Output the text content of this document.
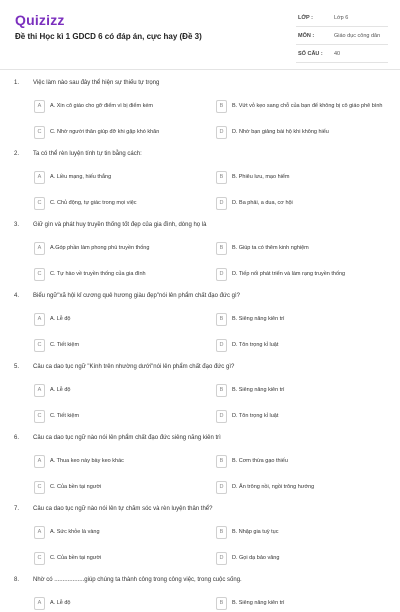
Quizizz
Đề thi Học kì 1 GDCD 6 có đáp án, cực hay (Đề 3)
LỚP :	Lớp 6
MÔN :	Giáo dục công dân
SỐ CÂU : 40
1. Việc làm nào sau đây thể hiện sự thiếu tự trọng
A	A. Xin cô giáo cho gỡ điểm vì bị điểm kém	B	B. Vứt vỏ kẹo sang chỗ của bạn để không bị cô giáo phê bình
C	C. Nhờ người thân giúp đỡ khi gặp khó khăn	D	D. Nhờ bạn giảng bài hộ khi không hiểu
2. Ta có thể rèn luyện tính tự tin bằng cách:
A	A. Liều mạng, hiếu thắng	B	B. Phiêu lưu, mạo hiểm
C	C. Chủ động, tự giác trong mọi việc	D	D. Ba phải, a dua, cơ hội
3. Giữ gìn và phát huy truyền thống tốt đẹp của gia đình, dòng họ là
A	A.Góp phần làm phong phú truyền thống	B	B. Giúp ta có thêm kinh nghiệm
C	C. Tự hào về truyền thống của gia đình	D	D. Tiếp nối phát triển và làm rạng truyền thống
4. Biểu ngữ"xã hội kỉ cương quê hương giàu đẹp"nói lên phẩm chất đạo đức gì?
A	A. Lễ độ	B	B. Siêng năng kiên trì
C	C. Tiết kiệm	D	D. Tôn trọng kỉ luật
5. Câu ca dao tục ngữ "Kính trên nhường dưới"nói lên phẩm chất đạo đức gì?
A	A. Lễ độ	B	B. Siêng năng kiên trì
C	C. Tiết kiệm	D	D. Tôn trọng kỉ luật
6. Câu ca dao tục ngữ nào nói lên phẩm chất đạo đức siêng năng kiên trì
A	A. Thua keo này bày keo khác	B	B. Cơm thừa gạo thiếu
C	C. Của bền tại người	D	D. Ăn trông nồi, ngồi trông hướng
7. Câu ca dao tục ngữ nào nói lên tự chăm sóc và rèn luyện thân thể?
A	A. Sức khỏe là vàng	B	B. Nhập gia tuỳ tục
C	C. Của bền tại người	D	D. Gọi dạ bảo vâng
8. Nhờ có ..................giúp chúng ta thành công trong công việc, trong cuộc sống.
A	A. Lễ độ	B	B. Siêng năng kiên trì
